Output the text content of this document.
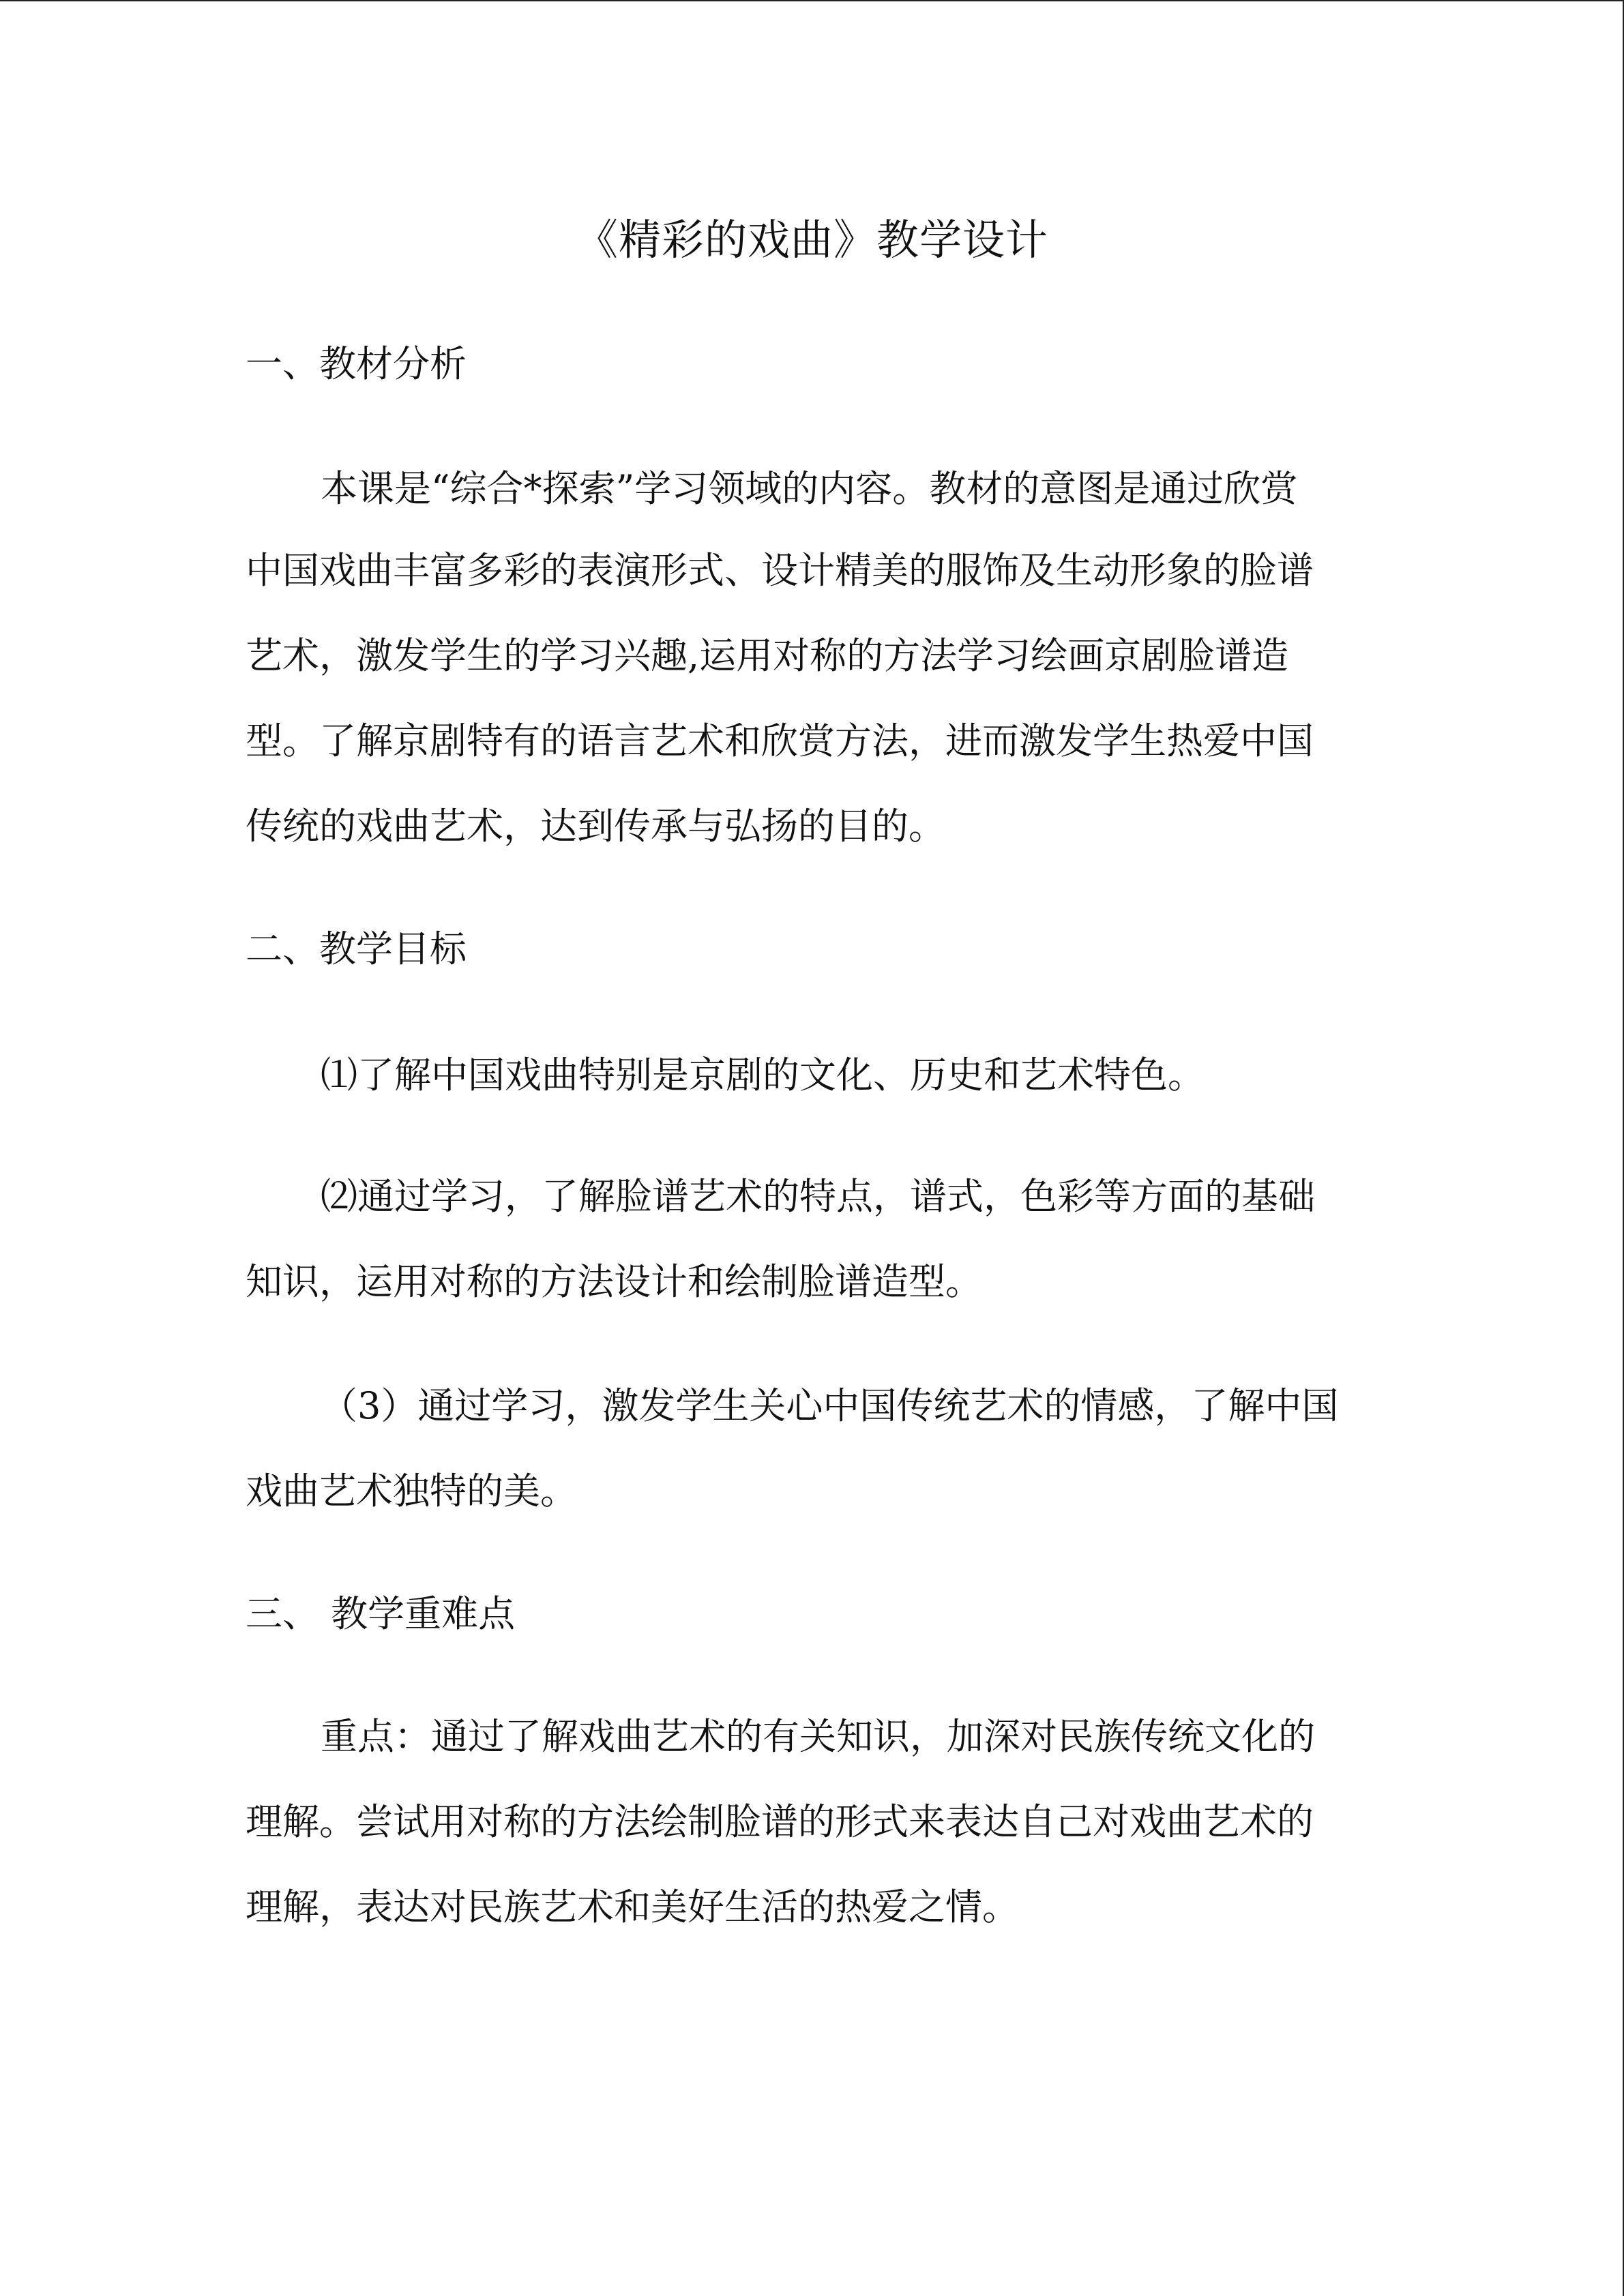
《精彩的戏曲》教学设计
一、教材分析

本课是“综合*探索”学习领域的内容。教材的意图是通过欣赏

中国戏曲丰富多彩的表演形式、设计精美的服饰及生动形象的脸谱

艺术，激发学生的学习兴趣,运用对称的方法学习绘画京剧脸谱造

型。了解京剧特有的语言艺术和欣赏方法，进而激发学生热爱中国

传统的戏曲艺术，达到传承与弘扬的目的。

二、教学目标

⑴了解中国戏曲特别是京剧的文化、历史和艺术特色。

⑵通过学习，了解脸谱艺术的特点，谱式，色彩等方面的基础

知识，运用对称的方法设计和绘制脸谱造型。

（3）通过学习，激发学生关心中国传统艺术的情感，了解中国

戏曲艺术独特的美。

三、 教学重难点

重点：通过了解戏曲艺术的有关知识，加深对民族传统文化的

理解。尝试用对称的方法绘制脸谱的形式来表达自己对戏曲艺术的

理解，表达对民族艺术和美好生活的热爱之情。
